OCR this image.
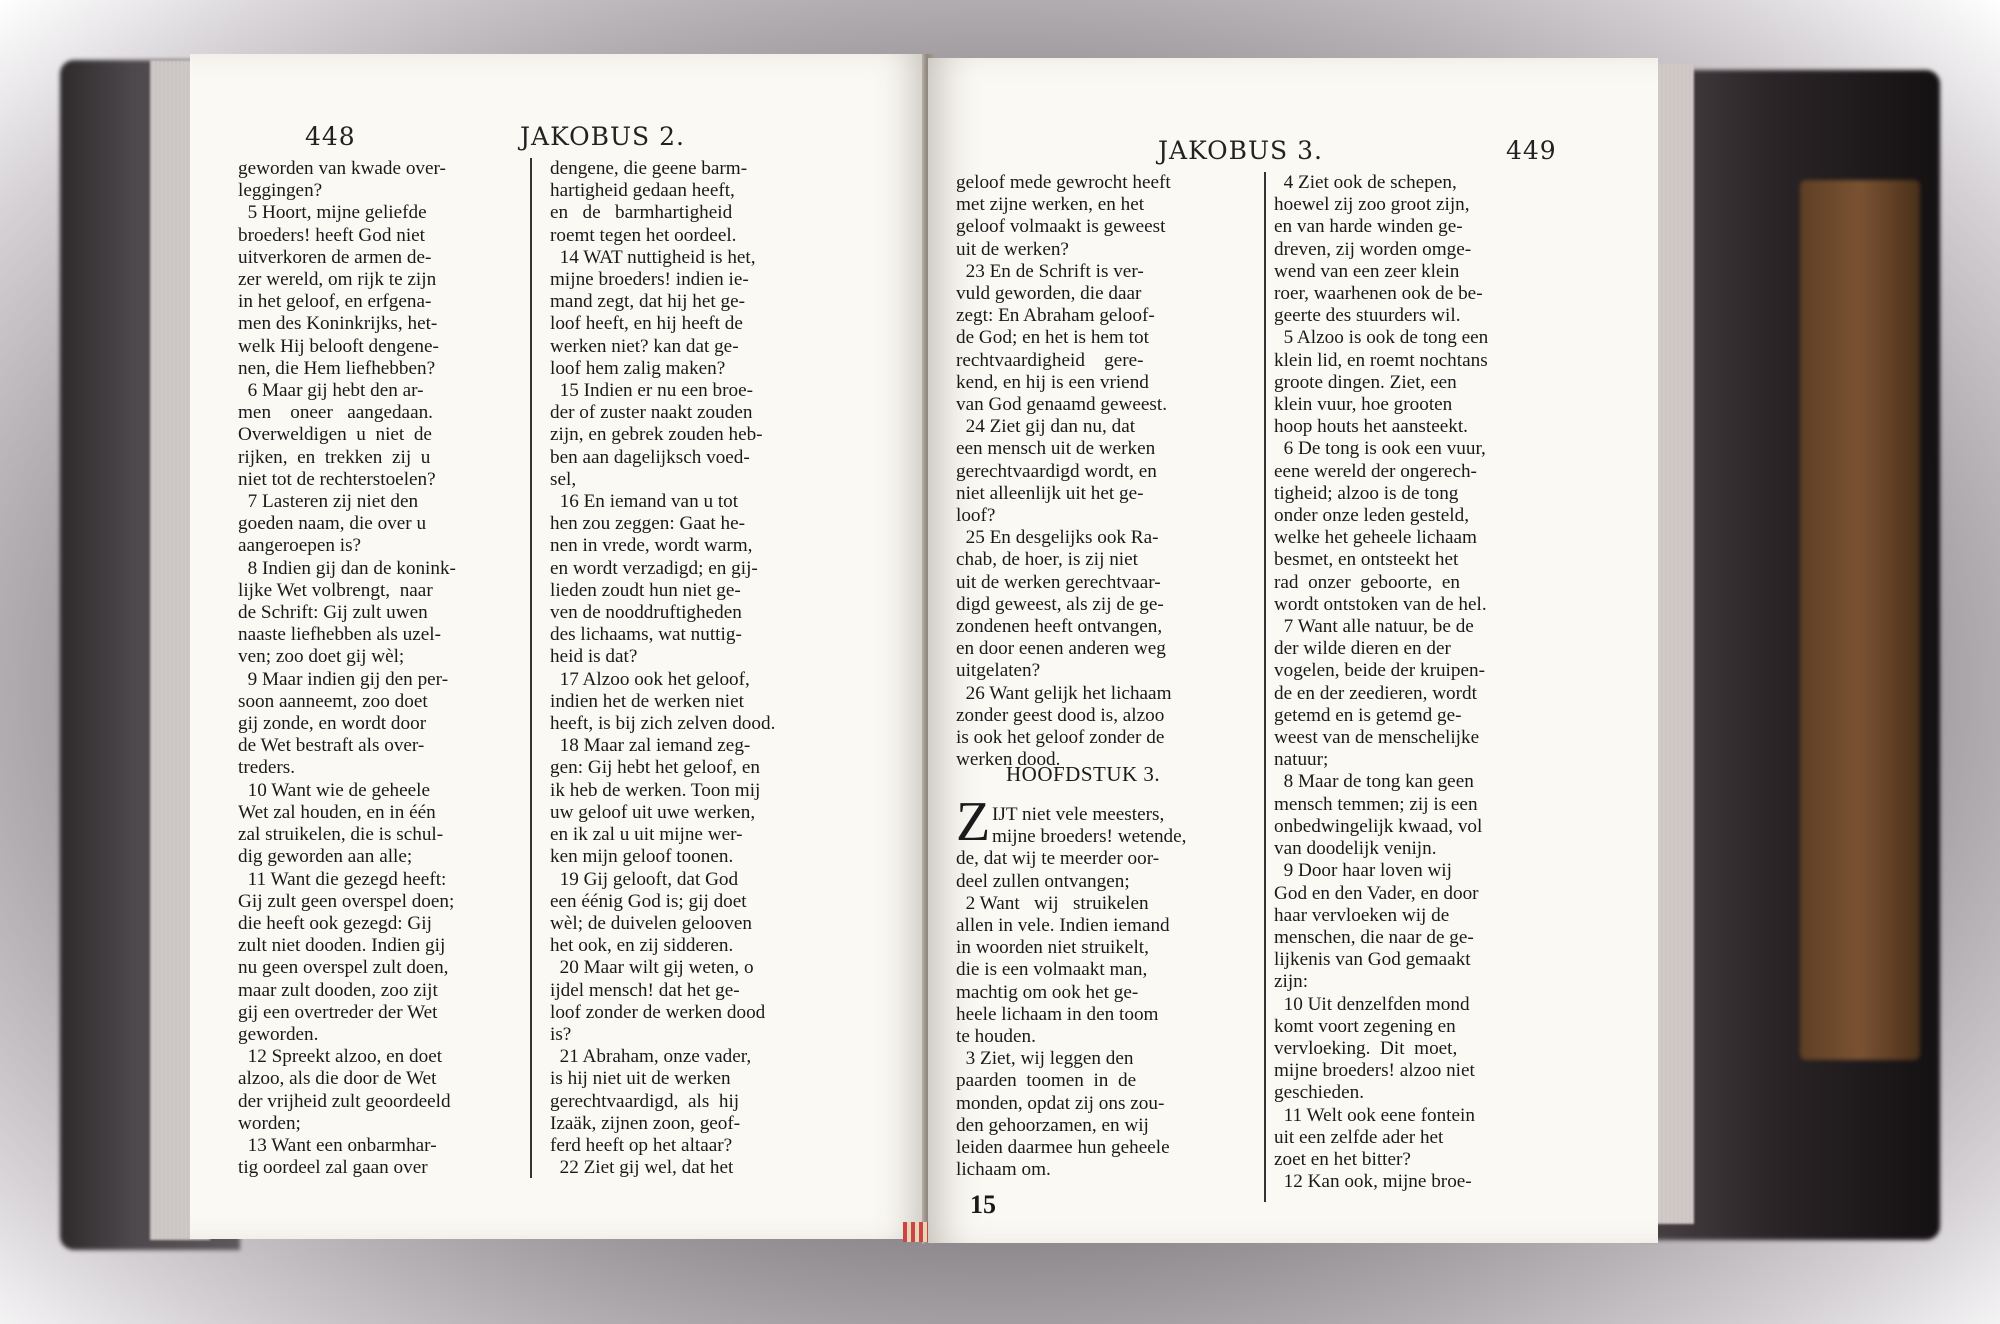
448	JAKOBUS 2.
geworden van kwade over-
leggingen?
5 Hoort, mijne geliefde
broeders! heeft God niet
uitverkoren de armen de-
zer wereld, om rijk te zijn
in het geloof, en erfgena-
men des Koninkrijks, het-
welk Hij belooft dengene-
nen, die Hem liefhebben?
6 Maar gij hebt den ar-
men    oneer   aangedaan.
Overweldigen  u  niet  de
rijken,  en  trekken  zij  u
niet tot de rechterstoelen?
7 Lasteren zij niet den
goeden naam, die over u
aangeroepen is?
8 Indien gij dan de konink-
lijke Wet volbrengt,  naar
de Schrift: Gij zult uwen
naaste liefhebben als uzel-
ven; zoo doet gij wèl;
9 Maar indien gij den per-
soon aanneemt, zoo doet
gij zonde, en wordt door
de Wet bestraft als over-
treders.
10 Want wie de geheele
Wet zal houden, en in één
zal struikelen, die is schul-
dig geworden aan alle;
11 Want die gezegd heeft:
Gij zult geen overspel doen;
die heeft ook gezegd: Gij
zult niet dooden. Indien gij
nu geen overspel zult doen,
maar zult dooden, zoo zijt
gij een overtreder der Wet
geworden.
12 Spreekt alzoo, en doet
alzoo, als die door de Wet
der vrijheid zult geoordeeld
worden;
13 Want een onbarmhar-
tig oordeel zal gaan over
dengene, die geene barm-
hartigheid gedaan heeft,
en   de   barmhartigheid
roemt tegen het oordeel.
14 WAT nuttigheid is het,
mijne broeders! indien ie-
mand zegt, dat hij het ge-
loof heeft, en hij heeft de
werken niet? kan dat ge-
loof hem zalig maken?
15 Indien er nu een broe-
der of zuster naakt zouden
zijn, en gebrek zouden heb-
ben aan dagelijksch voed-
sel,
16 En iemand van u tot
hen zou zeggen: Gaat he-
nen in vrede, wordt warm,
en wordt verzadigd; en gij-
lieden zoudt hun niet ge-
ven de nooddruftigheden
des lichaams, wat nuttig-
heid is dat?
17 Alzoo ook het geloof,
indien het de werken niet
heeft, is bij zich zelven dood.
18 Maar zal iemand zeg-
gen: Gij hebt het geloof, en
ik heb de werken. Toon mij
uw geloof uit uwe werken,
en ik zal u uit mijne wer-
ken mijn geloof toonen.
19 Gij gelooft, dat God
een éénig God is; gij doet
wèl; de duivelen gelooven
het ook, en zij sidderen.
20 Maar wilt gij weten, o
ijdel mensch! dat het ge-
loof zonder de werken dood
is?
21 Abraham, onze vader,
is hij niet uit de werken
gerechtvaardigd,  als  hij
Izaäk, zijnen zoon, geof-
ferd heeft op het altaar?
22 Ziet gij wel, dat het
JAKOBUS 3.	449
geloof mede gewrocht heeft
met zijne werken, en het
geloof volmaakt is geweest
uit de werken?
23 En de Schrift is ver-
vuld geworden, die daar
zegt: En Abraham geloof-
de God; en het is hem tot
rechtvaardigheid    gere-
kend, en hij is een vriend
van God genaamd geweest.
24 Ziet gij dan nu, dat
een mensch uit de werken
gerechtvaardigd wordt, en
niet alleenlijk uit het ge-
loof?
25 En desgelijks ook Ra-
chab, de hoer, is zij niet
uit de werken gerechtvaar-
digd geweest, als zij de ge-
zondenen heeft ontvangen,
en door eenen anderen weg
uitgelaten?
26 Want gelijk het lichaam
zonder geest dood is, alzoo
is ook het geloof zonder de
werken dood.
HOOFDSTUK 3.
Z IJT niet vele meesters,
mijne broeders! wetende,
de, dat wij te meerder oor-
deel zullen ontvangen;
2 Want   wij   struikelen
allen in vele. Indien iemand
in woorden niet struikelt,
die is een volmaakt man,
machtig om ook het ge-
heele lichaam in den toom
te houden.
3 Ziet, wij leggen den
paarden  toomen  in  de
monden, opdat zij ons zou-
den gehoorzamen, en wij
leiden daarmee hun geheele
lichaam om.
4 Ziet ook de schepen,
hoewel zij zoo groot zijn,
en van harde winden ge-
dreven, zij worden omge-
wend van een zeer klein
roer, waarhenen ook de be-
geerte des stuurders wil.
5 Alzoo is ook de tong een
klein lid, en roemt nochtans
groote dingen. Ziet, een
klein vuur, hoe grooten
hoop houts het aansteekt.
6 De tong is ook een vuur,
eene wereld der ongerech-
tigheid; alzoo is de tong
onder onze leden gesteld,
welke het geheele lichaam
besmet, en ontsteekt het
rad  onzer  geboorte,  en
wordt ontstoken van de hel.
7 Want alle natuur, be de
der wilde dieren en der
vogelen, beide der kruipen-
de en der zeedieren, wordt
getemd en is getemd ge-
weest van de menschelijke
natuur;
8 Maar de tong kan geen
mensch temmen; zij is een
onbedwingelijk kwaad, vol
van doodelijk venijn.
9 Door haar loven wij
God en den Vader, en door
haar vervloeken wij de
menschen, die naar de ge-
lijkenis van God gemaakt
zijn:
10 Uit denzelfden mond
komt voort zegening en
vervloeking.  Dit  moet,
mijne broeders! alzoo niet
geschieden.
11 Welt ook eene fontein
uit een zelfde ader het
zoet en het bitter?
12 Kan ook, mijne broe-
15
